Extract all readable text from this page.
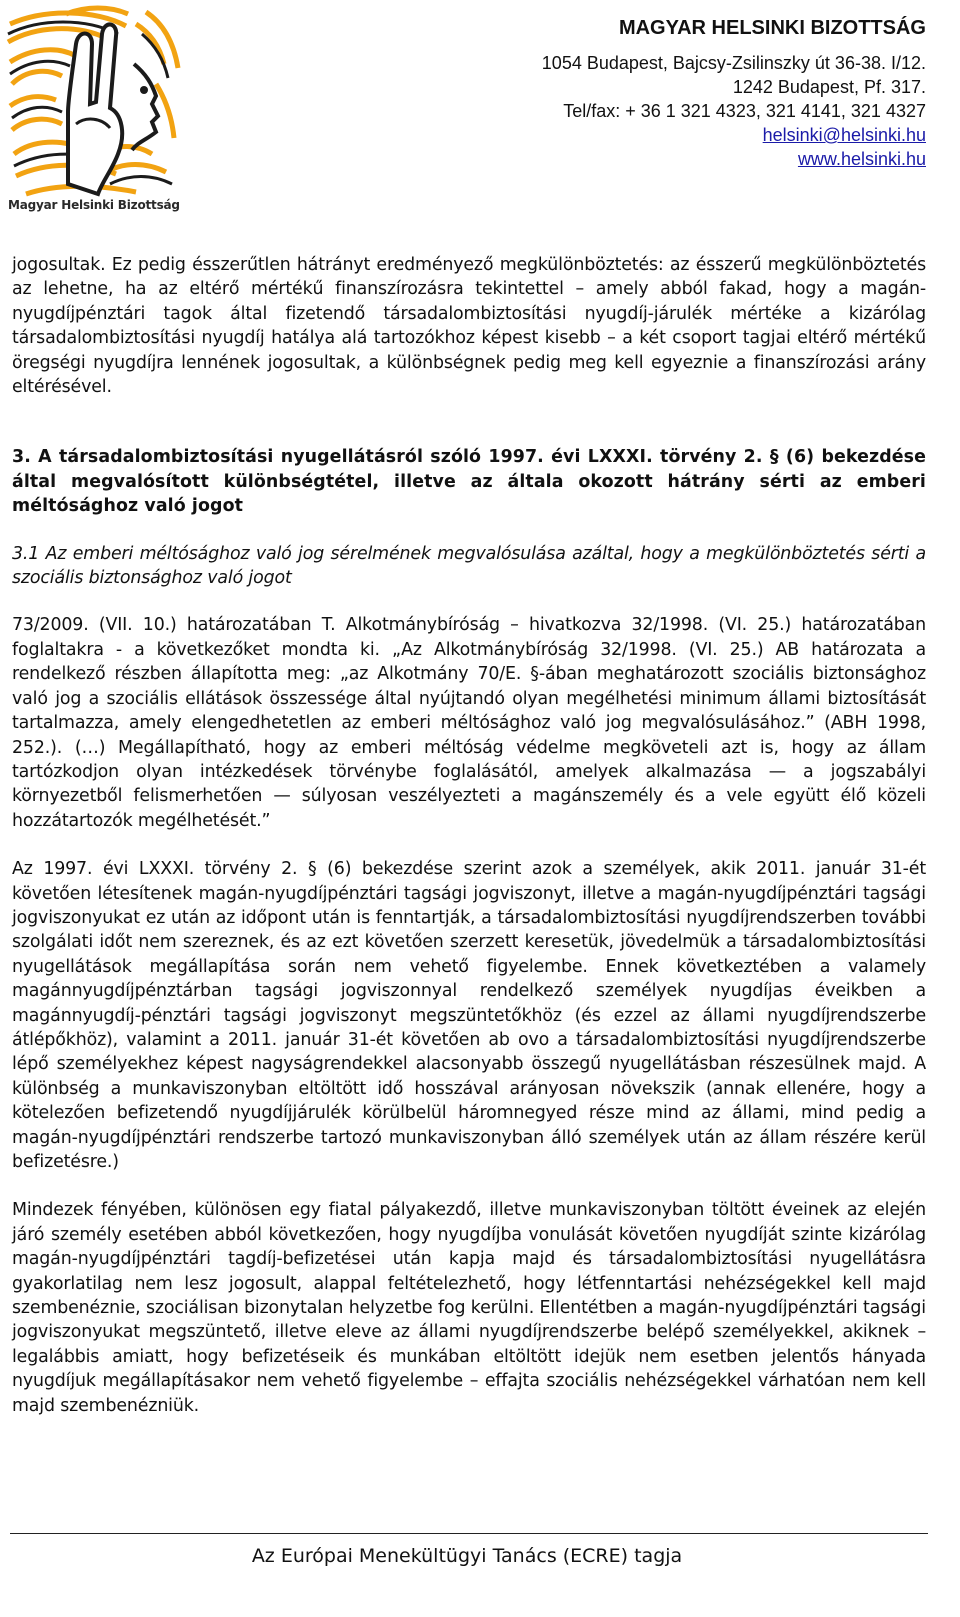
Magyar Helsinki Bizottság
MAGYAR HELSINKI BIZOTTSÁG
1054 Budapest, Bajcsy-Zsilinszky út 36-38. I/12.
1242 Budapest, Pf. 317.
Tel/fax: + 36 1 321 4323, 321 4141, 321 4327
helsinki@helsinki.hu
www.helsinki.hu

jogosultak. Ez pedig ésszerűtlen hátrányt eredményező megkülönböztetés: az ésszerű megkülönböztetés az lehetne, ha az eltérő mértékű finanszírozásra tekintettel – amely abból fakad, hogy a magán-nyugdíjpénztári tagok által fizetendő társadalombiztosítási nyugdíj-járulék mértéke a kizárólag társadalombiztosítási nyugdíj hatálya alá tartozókhoz képest kisebb – a két csoport tagjai eltérő mértékű öregségi nyugdíjra lennének jogosultak, a különbségnek pedig meg kell egyeznie a finanszírozási arány eltérésével.

3. A társadalombiztosítási nyugellátásról szóló 1997. évi LXXXI. törvény 2. § (6) bekezdése által megvalósított különbségtétel, illetve az általa okozott hátrány sérti az emberi méltósághoz való jogot

3.1 Az emberi méltósághoz való jog sérelmének megvalósulása azáltal, hogy a megkülönböztetés sérti a szociális biztonsághoz való jogot

73/2009. (VII. 10.) határozatában T. Alkotmánybíróság – hivatkozva 32/1998. (VI. 25.) határozatában foglaltakra - a következőket mondta ki. „Az Alkotmánybíróság 32/1998. (VI. 25.) AB határozata a rendelkező részben állapította meg: „az Alkotmány 70/E. §-ában meghatározott szociális biztonsághoz való jog a szociális ellátások összessége által nyújtandó olyan megélhetési minimum állami biztosítását tartalmazza, amely elengedhetetlen az emberi méltósághoz való jog megvalósulásához.” (ABH 1998, 252.). (…) Megállapítható, hogy az emberi méltóság védelme megköveteli azt is, hogy az állam tartózkodjon olyan intézkedések törvénybe foglalásától, amelyek alkalmazása — a jogszabályi környezetből felismerhetően — súlyosan veszélyezteti a magánszemély és a vele együtt élő közeli hozzátartozók megélhetését.”

Az 1997. évi LXXXI. törvény 2. § (6) bekezdése szerint azok a személyek, akik 2011. január 31-ét követően létesítenek magán-nyugdíjpénztári tagsági jogviszonyt, illetve a magán-nyugdíjpénztári tagsági jogviszonyukat ez után az időpont után is fenntartják, a társadalombiztosítási nyugdíjrendszerben további szolgálati időt nem szereznek, és az ezt követően szerzett keresetük, jövedelmük a társadalombiztosítási nyugellátások megállapítása során nem vehető figyelembe. Ennek következtében a valamely magánnyugdíjpénztárban tagsági jogviszonnyal rendelkező személyek nyugdíjas éveikben a magánnyugdíj-pénztári tagsági jogviszonyt megszüntetőkhöz (és ezzel az állami nyugdíjrendszerbe átlépőkhöz), valamint a 2011. január 31-ét követően ab ovo a társadalombiztosítási nyugdíjrendszerbe lépő személyekhez képest nagyságrendekkel alacsonyabb összegű nyugellátásban részesülnek majd. A különbség a munkaviszonyban eltöltött idő hosszával arányosan növekszik (annak ellenére, hogy a kötelezően befizetendő nyugdíjjárulék körülbelül háromnegyed része mind az állami, mind pedig a magán-nyugdíjpénztári rendszerbe tartozó munkaviszonyban álló személyek után az állam részére kerül befizetésre.)

Mindezek fényében, különösen egy fiatal pályakezdő, illetve munkaviszonyban töltött éveinek az elején járó személy esetében abból következően, hogy nyugdíjba vonulását követően nyugdíját szinte kizárólag magán-nyugdíjpénztári tagdíj-befizetései után kapja majd és társadalombiztosítási nyugellátásra gyakorlatilag nem lesz jogosult, alappal feltételezhető, hogy létfenntartási nehézségekkel kell majd szembenéznie, szociálisan bizonytalan helyzetbe fog kerülni. Ellentétben a magán-nyugdíjpénztári tagsági jogviszonyukat megszüntető, illetve eleve az állami nyugdíjrendszerbe belépő személyekkel, akiknek – legalábbis amiatt, hogy befizetéseik és munkában eltöltött idejük nem esetben jelentős hányada nyugdíjuk megállapításakor nem vehető figyelembe – effajta szociális nehézségekkel várhatóan nem kell majd szembenézniük.

Az Európai Menekültügyi Tanács (ECRE) tagja
